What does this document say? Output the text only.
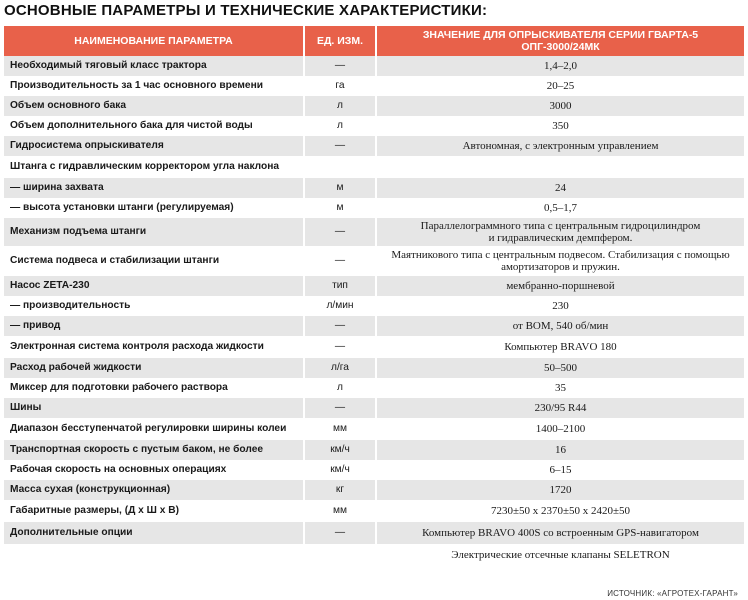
ОСНОВНЫЕ ПАРАМЕТРЫ И ТЕХНИЧЕСКИЕ ХАРАКТЕРИСТИКИ:
НАИМЕНОВАНИЕ ПАРАМЕТРА	ЕД. ИЗМ.	ЗНАЧЕНИЕ ДЛЯ ОПРЫСКИВАТЕЛЯ СЕРИИ ГВАРТА-5
ОПГ-3000/24МК
Необходимый тяговый класс трактора	—	1,4–2,0
Производительность за 1 час основного времени	га	20–25
Объем основного бака	л	3000
Объем дополнительного бака для чистой воды	л	350
Гидросистема опрыскивателя	—	Автономная, с электронным управлением
Штанга с гидравлическим корректором угла наклона		
— ширина захвата	м	24
— высота установки штанги (регулируемая)	м	0,5–1,7
Механизм подъема штанги	—	Параллелограммного типа с центральным гидроцилиндром
и гидравлическим демпфером.
Система подвеса и стабилизации штанги	—	Маятникового типа с центральным подвесом. Стабилизация с помощью
амортизаторов и пружин.
Насос ZETA-230	тип	мембранно-поршневой
— производительность	л/мин	230
— привод	—	от ВОМ, 540 об/мин
Электронная система контроля расхода жидкости	—	Компьютер BRAVO 180
Расход рабочей жидкости	л/га	50–500
Миксер для подготовки рабочего раствора	л	35
Шины	—	230/95 R44
Диапазон бесступенчатой регулировки ширины колеи	мм	1400–2100
Транспортная скорость с пустым баком, не более	км/ч	16
Рабочая скорость на основных операциях	км/ч	6–15
Масса сухая (конструкционная)	кг	1720
Габаритные размеры, (Д х Ш х В)	мм	7230±50 х 2370±50 х 2420±50
Дополнительные опции	—	Компьютер BRAVO 400S со встроенным GPS-навигатором
		Электрические отсечные клапаны SELETRON
ИСТОЧНИК: «АГРОТЕХ-ГАРАНТ»
